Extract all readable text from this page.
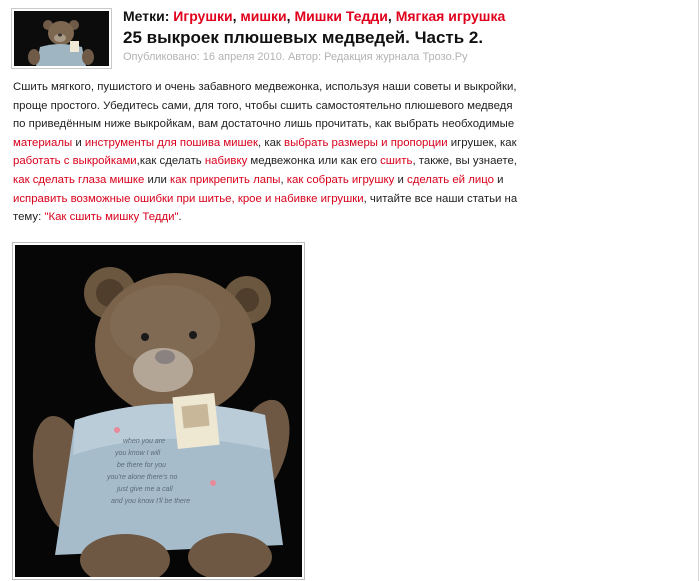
Метки: Игрушки, мишки, Мишки Тедди, Мягкая игрушка
25 выкроек плюшевых медведей. Часть 2.
Опубликовано: 16 апреля 2010. Автор: Редакция журнала Трозо.Ру
Сшить мягкого, пушистого и очень забавного медвежонка, используя наши советы и выкройки, проще простого. Убедитесь сами, для того, чтобы сшить самостоятельно плюшевого медведя по приведённым ниже выкройкам, вам достаточно лишь прочитать, как выбрать необходимые материалы и инструменты для пошива мишек, как выбрать размеры и пропорции игрушек, как работать с выкройками,как сделать набивку медвежонка или как его сшить, также, вы узнаете, как сделать глаза мишке или как прикрепить лапы, как собрать игрушку и сделать ей лицо и исправить возможные ошибки при шитье, крое и набивке игрушки, читайте все наши статьи на тему: "Как сшить мишку Тедди".
when you are
you know I will
be there for you
you're alone there's no
just give me a call
and you know I'll be there
